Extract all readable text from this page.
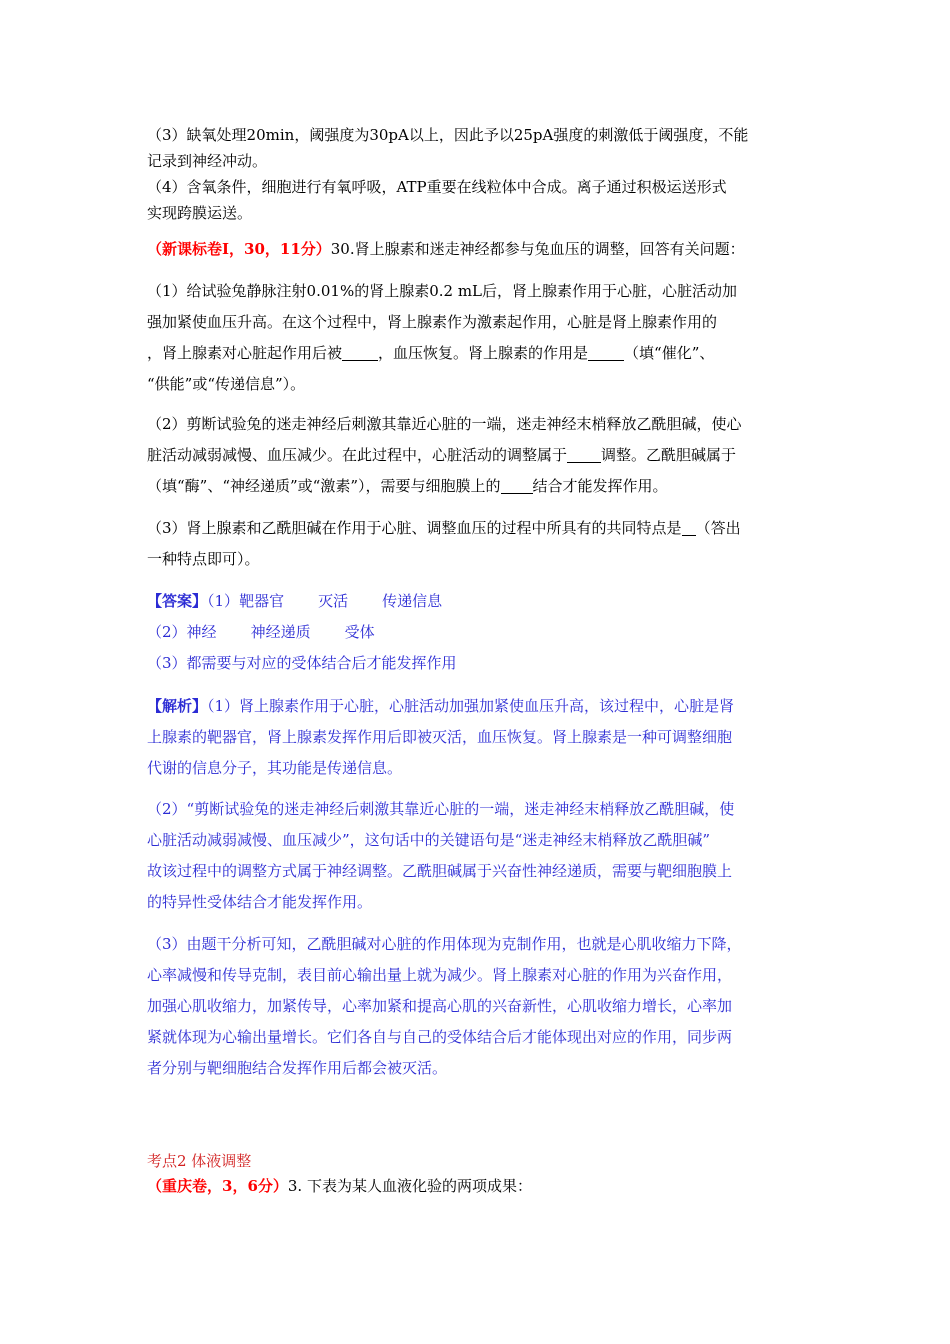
（3）缺氧处理20min，阈强度为30pA以上，因此予以25pA强度的刺激低于阈强度，不能
记录到神经冲动。
（4）含氧条件，细胞进行有氧呼吸，ATP重要在线粒体中合成。离子通过积极运送形式
实现跨膜运送。
（新课标卷Ⅰ，30，11分）30.肾上腺素和迷走神经都参与兔血压的调整，回答有关问题：
（1）给试验兔静脉注射0.01%的肾上腺素0.2 mL后，肾上腺素作用于心脏，心脏活动加
强加紧使血压升高。在这个过程中，肾上腺素作为激素起作用，心脏是肾上腺素作用的
，肾上腺素对心脏起作用后被 ，血压恢复。肾上腺素的作用是 （填“催化”、
“供能”或“传递信息”）。
（2）剪断试验兔的迷走神经后刺激其靠近心脏的一端，迷走神经末梢释放乙酰胆碱，使心
脏活动减弱减慢、血压减少。在此过程中，心脏活动的调整属于 调整。乙酰胆碱属于
（填“酶”、“神经递质”或“激素”），需要与细胞膜上的 结合才能发挥作用。
（3）肾上腺素和乙酰胆碱在作用于心脏、调整血压的过程中所具有的共同特点是 （答出
一种特点即可）。
【答案】（1）靶器官 灭活 传递信息
（2）神经 神经递质 受体
（3）都需要与对应的受体结合后才能发挥作用
【解析】（1）肾上腺素作用于心脏，心脏活动加强加紧使血压升高，该过程中，心脏是肾
上腺素的靶器官，肾上腺素发挥作用后即被灭活，血压恢复。肾上腺素是一种可调整细胞
代谢的信息分子，其功能是传递信息。
（2）“剪断试验兔的迷走神经后刺激其靠近心脏的一端，迷走神经末梢释放乙酰胆碱，使
心脏活动减弱减慢、血压减少”，这句话中的关键语句是“迷走神经末梢释放乙酰胆碱”
故该过程中的调整方式属于神经调整。乙酰胆碱属于兴奋性神经递质，需要与靶细胞膜上
的特异性受体结合才能发挥作用。
（3）由题干分析可知，乙酰胆碱对心脏的作用体现为克制作用，也就是心肌收缩力下降，
心率减慢和传导克制，表目前心输出量上就为减少。肾上腺素对心脏的作用为兴奋作用，
加强心肌收缩力，加紧传导，心率加紧和提高心肌的兴奋新性，心肌收缩力增长，心率加
紧就体现为心输出量增长。它们各自与自己的受体结合后才能体现出对应的作用，同步两
者分别与靶细胞结合发挥作用后都会被灭活。
考点2 体液调整
（重庆卷，3，6分）3. 下表为某人血液化验的两项成果：
